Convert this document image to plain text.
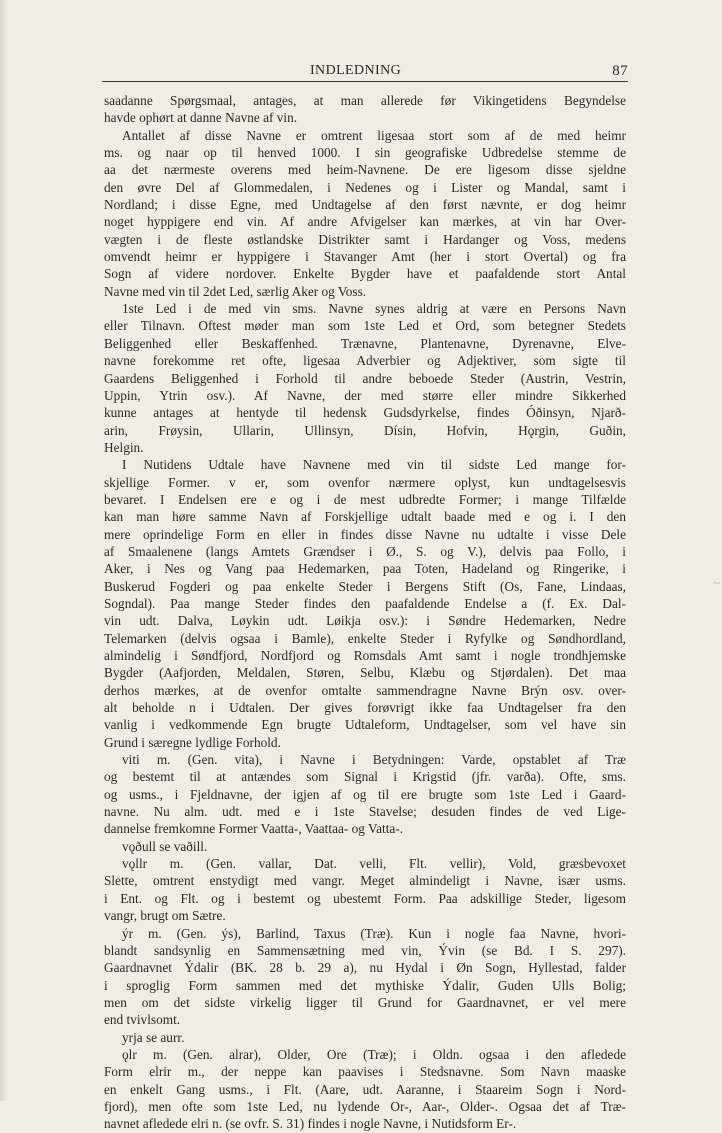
INDLEDNING	87
saadanne Spørgsmaal, antages, at man allerede før Vikingetidens Begyndelse
havde ophørt at danne Navne af vin.
Antallet af disse Navne er omtrent ligesaa stort som af de med heimr
ms. og naar op til henved 1000. I sin geografiske Udbredelse stemme de
aa det nærmeste overens med heim-Navnene. De ere ligesom disse sjeldne
den øvre Del af Glommedalen, i Nedenes og i Lister og Mandal, samt i
Nordland; i disse Egne, med Undtagelse af den først nævnte, er dog heimr
noget hyppigere end vin. Af andre Afvigelser kan mærkes, at vin har Over-
vægten i de fleste østlandske Distrikter samt i Hardanger og Voss, medens
omvendt heimr er hyppigere i Stavanger Amt (her i stort Overtal) og fra
Sogn af videre nordover. Enkelte Bygder have et paafaldende stort Antal
Navne med vin til 2det Led, særlig Aker og Voss.
1ste Led i de med vin sms. Navne synes aldrig at være en Persons Navn
eller Tilnavn. Oftest møder man som 1ste Led et Ord, som betegner Stedets
Beliggenhed eller Beskaffenhed. Trænavne, Plantenavne, Dyrenavne, Elve-
navne forekomme ret ofte, ligesaa Adverbier og Adjektiver, som sigte til
Gaardens Beliggenhed i Forhold til andre beboede Steder (Austrin, Vestrin,
Uppin, Ytrin osv.). Af Navne, der med større eller mindre Sikkerhed
kunne antages at hentyde til hedensk Gudsdyrkelse, findes Óðinsyn, Njarð-
arin, Frøysin, Ullarin, Ullinsyn, Dísin, Hofvin, Hǫrgin, Guðin,
Helgin.
I Nutidens Udtale have Navnene med vin til sidste Led mange for-
skjellige Former. v er, som ovenfor nærmere oplyst, kun undtagelsesvis
bevaret. I Endelsen ere e og i de mest udbredte Former; i mange Tilfælde
kan man høre samme Navn af Forskjellige udtalt baade med e og i. I den
mere oprindelige Form en eller in findes disse Navne nu udtalte i visse Dele
af Smaalenene (langs Amtets Grændser i Ø., S. og V.), delvis paa Follo, i
Aker, i Nes og Vang paa Hedemarken, paa Toten, Hadeland og Ringerike, i
Buskerud Fogderi og paa enkelte Steder i Bergens Stift (Os, Fane, Lindaas,
Sogndal). Paa mange Steder findes den paafaldende Endelse a (f. Ex. Dal-
vin udt. Dalva, Løykin udt. Løikja osv.): i Søndre Hedemarken, Nedre
Telemarken (delvis ogsaa i Bamle), enkelte Steder i Ryfylke og Søndhordland,
almindelig i Søndfjord, Nordfjord og Romsdals Amt samt i nogle trondhjemske
Bygder (Aafjorden, Meldalen, Støren, Selbu, Klæbu og Stjørdalen). Det maa
derhos mærkes, at de ovenfor omtalte sammendragne Navne Brýn osv. over-
alt beholde n i Udtalen. Der gives forøvrigt ikke faa Undtagelser fra den
vanlig i vedkommende Egn brugte Udtaleform, Undtagelser, som vel have sin
Grund i særegne lydlige Forhold.
viti m. (Gen. vita), i Navne i Betydningen: Varde, opstablet af Træ
og bestemt til at antændes som Signal i Krigstid (jfr. varða). Ofte, sms.
og usms., i Fjeldnavne, der igjen af og til ere brugte som 1ste Led i Gaard-
navne. Nu alm. udt. med e i 1ste Stavelse; desuden findes de ved Lige-
dannelse fremkomne Former Vaatta-, Vaattaa- og Vatta-.
vǫðull se vaðill.
vǫllr m. (Gen. vallar, Dat. velli, Flt. vellir), Vold, græsbevoxet
Slette, omtrent enstydigt med vangr. Meget almindeligt i Navne, især usms.
i Ent. og Flt. og i bestemt og ubestemt Form. Paa adskillige Steder, ligesom
vangr, brugt om Sætre.
ýr m. (Gen. ýs), Barlind, Taxus (Træ). Kun i nogle faa Navne, hvori-
blandt sandsynlig en Sammensætning med vin, Ývin (se Bd. I S. 297).
Gaardnavnet Ýdalir (BK. 28 b. 29 a), nu Hydal i Øn Sogn, Hyllestad, falder
i sproglig Form sammen med det mythiske Ýdalir, Guden Ulls Bolig;
men om det sidste virkelig ligger til Grund for Gaardnavnet, er vel mere
end tvivlsomt.
yrja se aurr.
ǫlr m. (Gen. alrar), Older, Ore (Træ); i Oldn. ogsaa i den afledede
Form elrir m., der neppe kan paavises i Stedsnavne. Som Navn maaske
en enkelt Gang usms., i Flt. (Aare, udt. Aaranne, i Staareim Sogn i Nord-
fjord), men ofte som 1ste Led, nu lydende Or-, Aar-, Older-. Ogsaa det af Træ-
navnet afledede elri n. (se ovfr. S. 31) findes i nogle Navne, i Nutidsform Er-.
~
